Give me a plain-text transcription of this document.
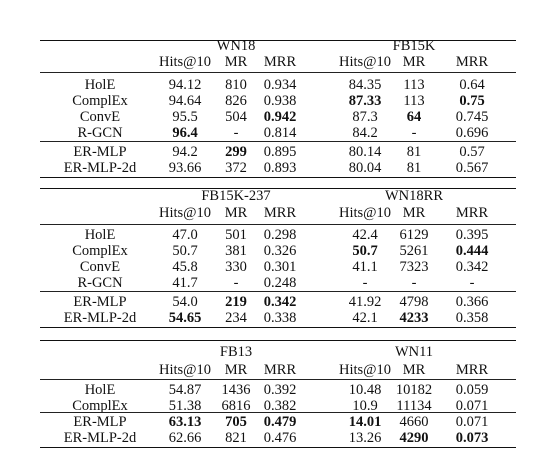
WN18	FB15K
Hits@10 MR MRR	Hits@10 MR MRR
HolE	94.12 810 0.934	84.35 113 0.64
ComplEx	94.64 826 0.938	87.33 113 0.75
ConvE	95.5 504 0.942	87.3 64 0.745
R-GCN	96.4 - 0.814	84.2 -	0.696
ER-MLP	94.2 299 0.895	80.14 81	0.57
ER-MLP-2d 93.66 372 0.893	80.04 81 0.567
FB15K-237	WN18RR
Hits@10 MR MRR	Hits@10 MR MRR
HolE	47.0 501 0.298	42.4 6129 0.395
ComplEx	50.7 381 0.326	50.7 5261 0.444
ConvE	45.8 330 0.301	41.1 7323 0.342
R-GCN	41.7 - 0.248	-	-	-
ER-MLP	54.0 219 0.342	41.92 4798 0.366
ER-MLP-2d 54.65 234 0.338	42.1 4233 0.358
FB13	WN11
Hits@10 MR MRR	Hits@10 MR MRR
HolE	54.87 1436 0.392	10.48 10182 0.059
ComplEx	51.38 6816 0.382	10.9 11134 0.071
ER-MLP	63.13 705 0.479	14.01 4660 0.071
ER-MLP-2d 62.66 821 0.476	13.26 4290 0.073
